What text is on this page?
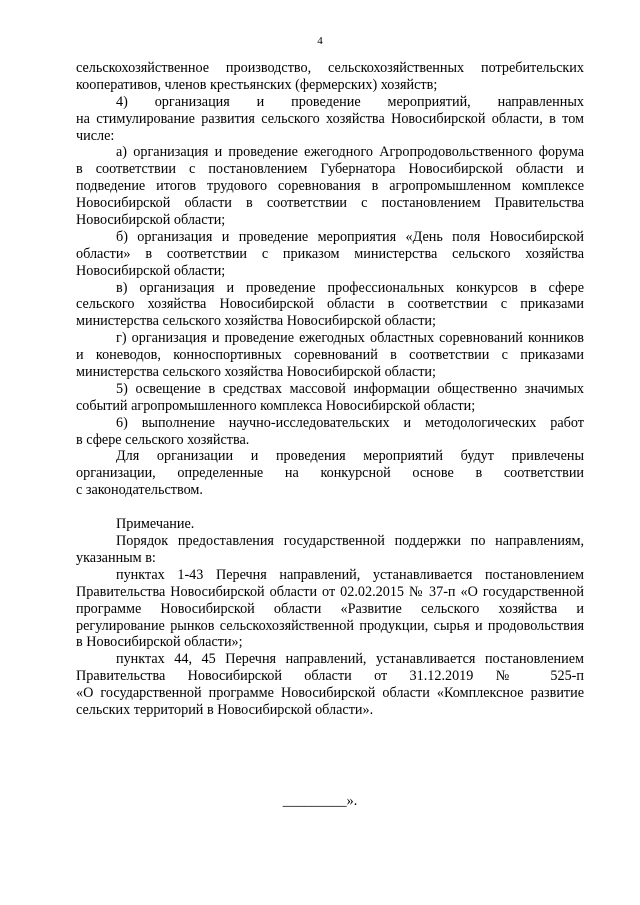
4
сельскохозяйственное производство, сельскохозяйственных потребительских
кооперативов, членов крестьянских (фермерских) хозяйств;
4) организация и проведение мероприятий, направленных
на стимулирование развития сельского хозяйства Новосибирской области, в том
числе:
а) организация и проведение ежегодного Агропродовольственного форума
в соответствии с постановлением Губернатора Новосибирской области и
подведение итогов трудового соревнования в агропромышленном комплексе
Новосибирской области в соответствии с постановлением Правительства
Новосибирской области;
б) организация и проведение мероприятия «День поля Новосибирской
области» в соответствии с приказом министерства сельского хозяйства
Новосибирской области;
в) организация и проведение профессиональных конкурсов в сфере
сельского хозяйства Новосибирской области в соответствии с приказами
министерства сельского хозяйства Новосибирской области;
г) организация и проведение ежегодных областных соревнований конников
и коневодов, конноспортивных соревнований в соответствии с приказами
министерства сельского хозяйства Новосибирской области;
5) освещение в средствах массовой информации общественно значимых
событий агропромышленного комплекса Новосибирской области;
6) выполнение научно-исследовательских и методологических работ
в сфере сельского хозяйства.
Для организации и проведения мероприятий будут привлечены
организации, определенные на конкурсной основе в соответствии
с законодательством.
Примечание.
Порядок предоставления государственной поддержки по направлениям,
указанным в:
пунктах 1-43 Перечня направлений, устанавливается постановлением
Правительства Новосибирской области от 02.02.2015 № 37-п «О государственной
программе Новосибирской области «Развитие сельского хозяйства и
регулирование рынков сельскохозяйственной продукции, сырья и продовольствия
в Новосибирской области»;
пунктах 44, 45 Перечня направлений, устанавливается постановлением
Правительства Новосибирской области от 31.12.2019 № 525-п
«О государственной программе Новосибирской области «Комплексное развитие
сельских территорий в Новосибирской области».
_________».
